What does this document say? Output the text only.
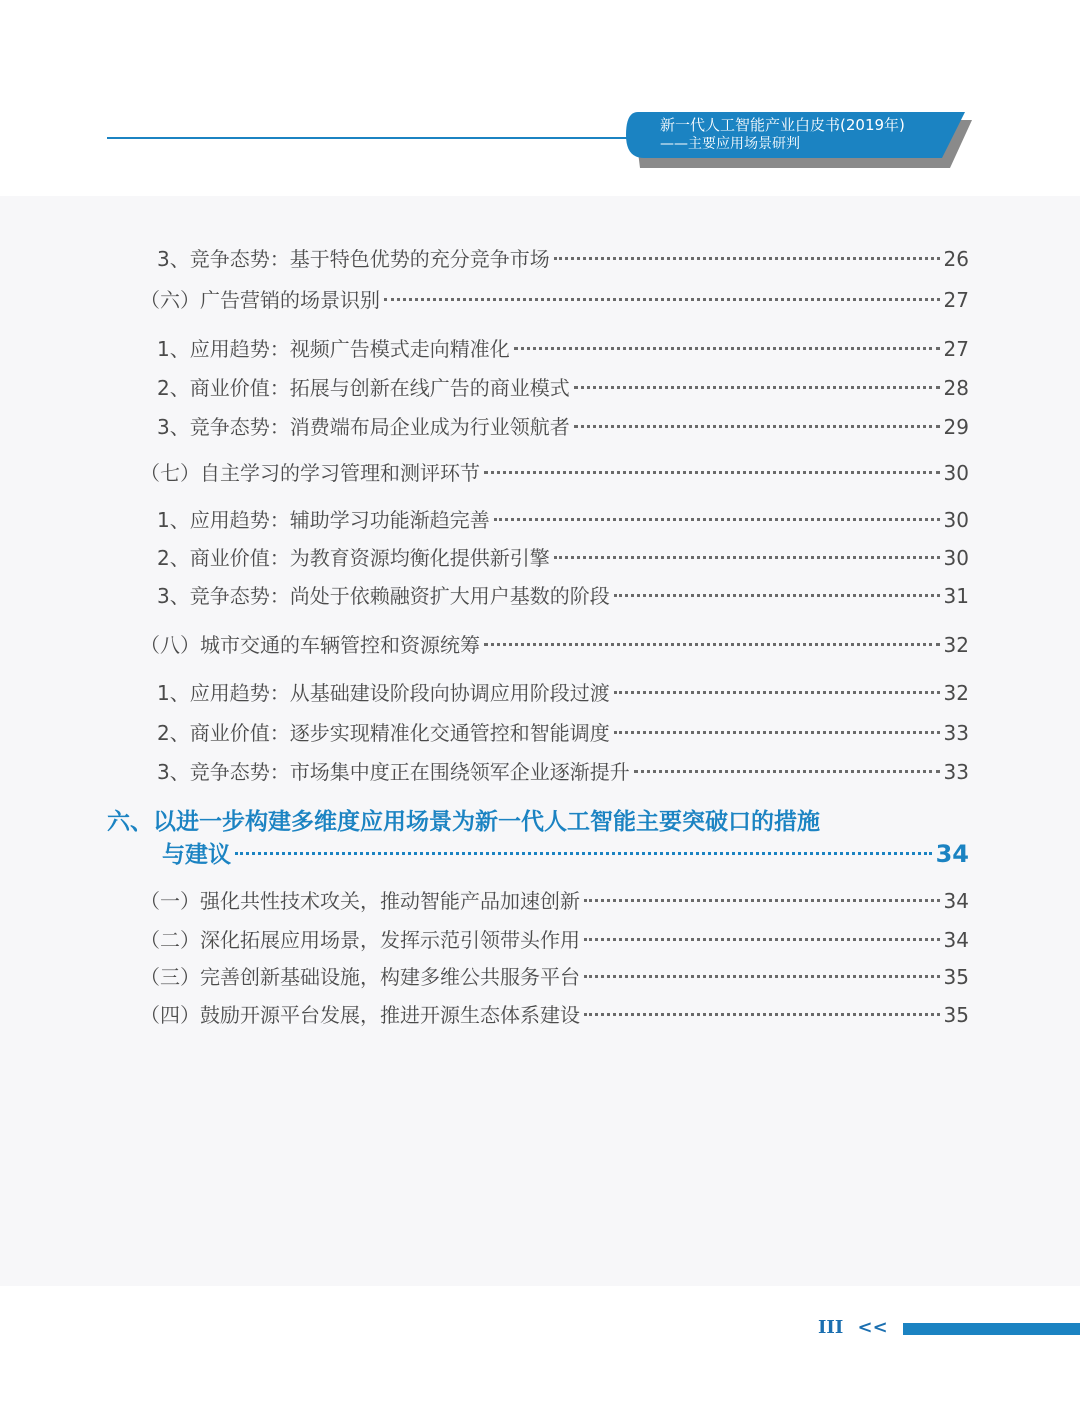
新一代人工智能产业白皮书(2019年)
——主要应用场景研判
3、竞争态势：基于特色优势的充分竞争市场	26
（六）广告营销的场景识别	27
1、应用趋势：视频广告模式走向精准化	27
2、商业价值：拓展与创新在线广告的商业模式	28
3、竞争态势：消费端布局企业成为行业领航者	29
（七）自主学习的学习管理和测评环节	30
1、应用趋势：辅助学习功能渐趋完善	30
2、商业价值：为教育资源均衡化提供新引擎	30
3、竞争态势：尚处于依赖融资扩大用户基数的阶段	31
（八）城市交通的车辆管控和资源统筹	32
1、应用趋势：从基础建设阶段向协调应用阶段过渡	32
2、商业价值：逐步实现精准化交通管控和智能调度	33
3、竞争态势：市场集中度正在围绕领军企业逐渐提升	33
六、以进一步构建多维度应用场景为新一代人工智能主要突破口的措施
与建议	34
（一）强化共性技术攻关，推动智能产品加速创新	34
（二）深化拓展应用场景，发挥示范引领带头作用	34
（三）完善创新基础设施，构建多维公共服务平台	35
（四）鼓励开源平台发展，推进开源生态体系建设	35
III <<
